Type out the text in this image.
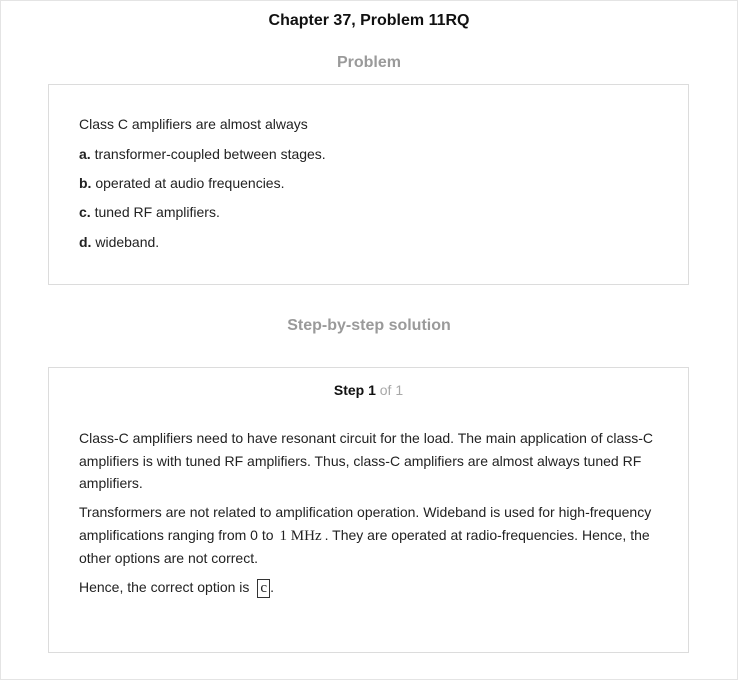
Chapter 37, Problem 11RQ
Problem
Class C amplifiers are almost always
a. transformer-coupled between stages.
b. operated at audio frequencies.
c. tuned RF amplifiers.
d. wideband.
Step-by-step solution
Step 1 of 1
Class-C amplifiers need to have resonant circuit for the load. The main application of class-C amplifiers is with tuned RF amplifiers. Thus, class-C amplifiers are almost always tuned RF amplifiers.
Transformers are not related to amplification operation. Wideband is used for high-frequency amplifications ranging from 0 to 1 MHz . They are operated at radio-frequencies. Hence, the other options are not correct.
Hence, the correct option is c .
